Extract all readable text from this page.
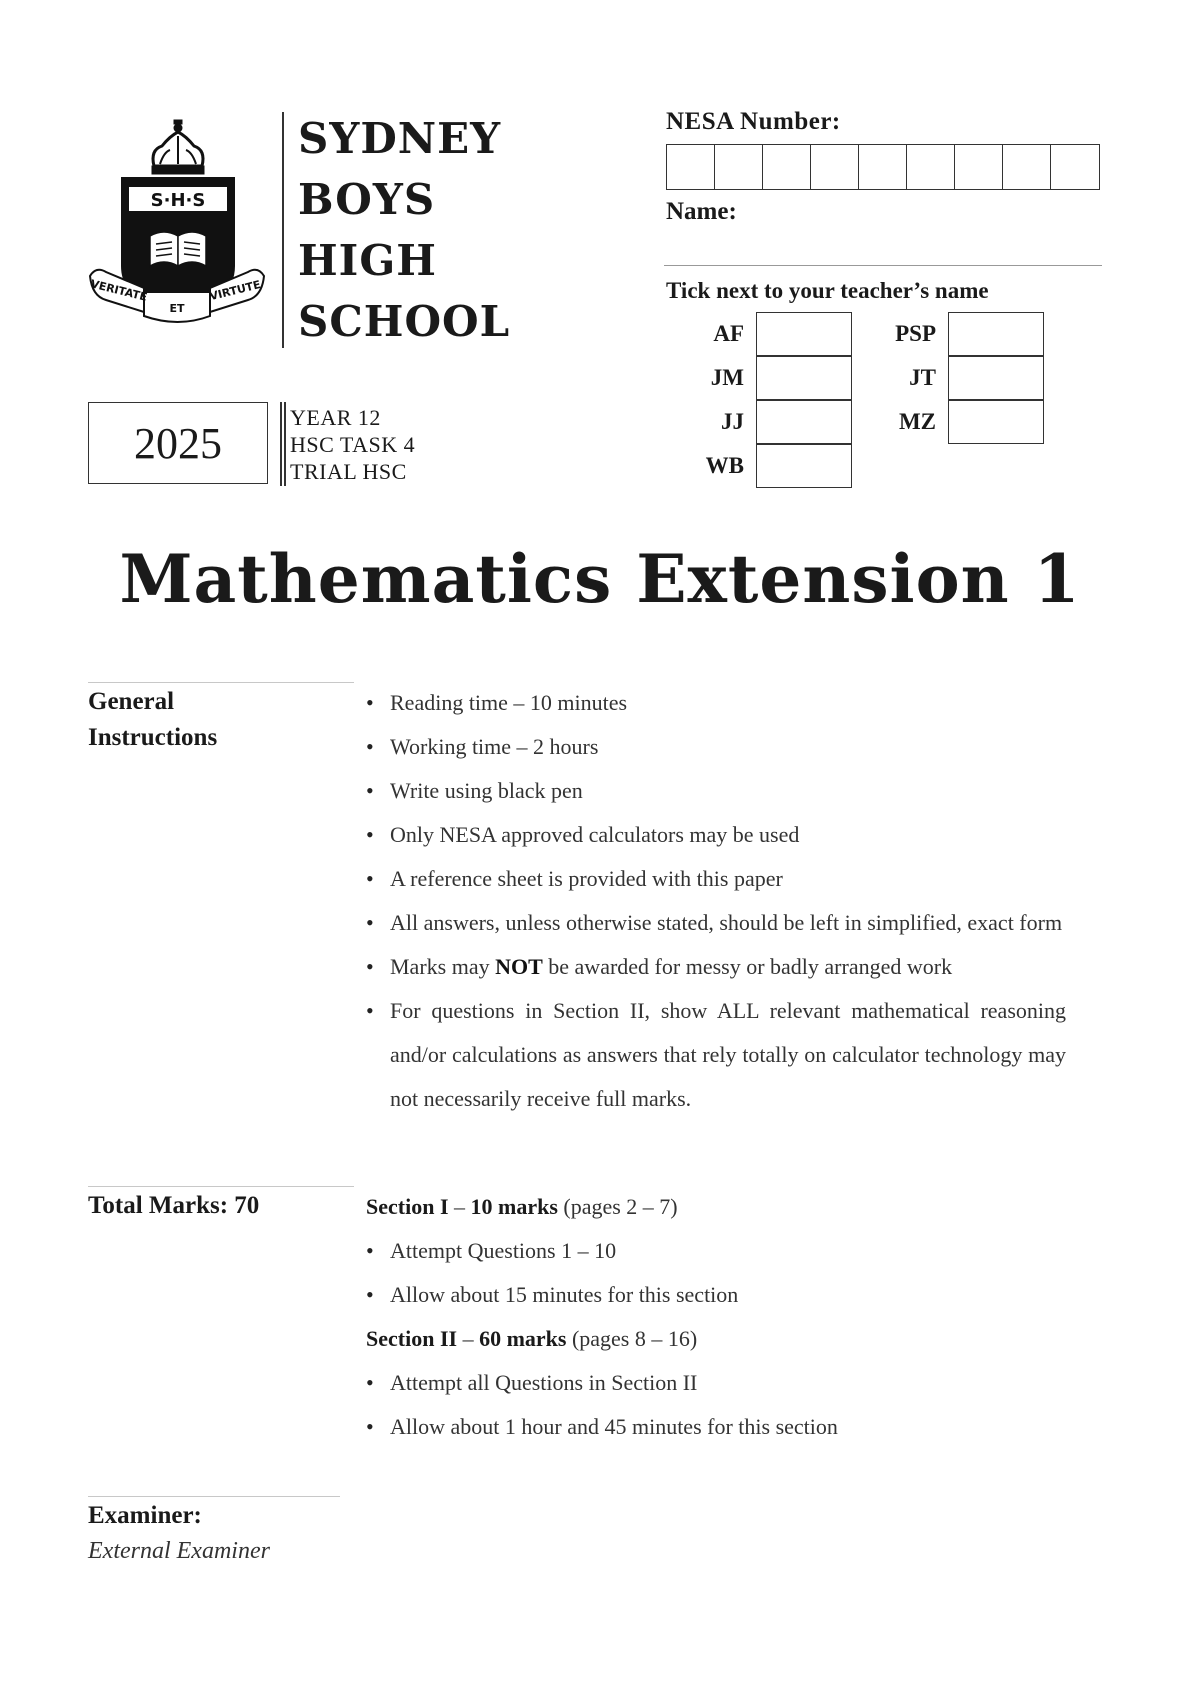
S·H·S
VERITATE
ET
VIRTUTE
SYDNEY
BOYS
HIGH
SCHOOL
2025
YEAR 12
HSC TASK 4
TRIAL HSC
NESA Number:
Name:
Tick next to your teacher’s name
AF
JM
JJ
WB
PSP
JT
MZ
Mathematics Extension 1
General
Instructions
• Reading time – 10 minutes
• Working time – 2 hours
• Write using black pen
• Only NESA approved calculators may be used
• A reference sheet is provided with this paper
• All answers, unless otherwise stated, should be left in simplified, exact form
• Marks may NOT be awarded for messy or badly arranged work
• For questions in Section II, show ALL relevant mathematical reasoning and/or calculations as answers that rely totally on calculator technology may not necessarily receive full marks.
Total Marks: 70	Section I – 10 marks (pages 2 – 7)
• Attempt Questions 1 – 10
• Allow about 15 minutes for this section
Section II – 60 marks (pages 8 – 16)
• Attempt all Questions in Section II
• Allow about 1 hour and 45 minutes for this section
Examiner:
External Examiner
